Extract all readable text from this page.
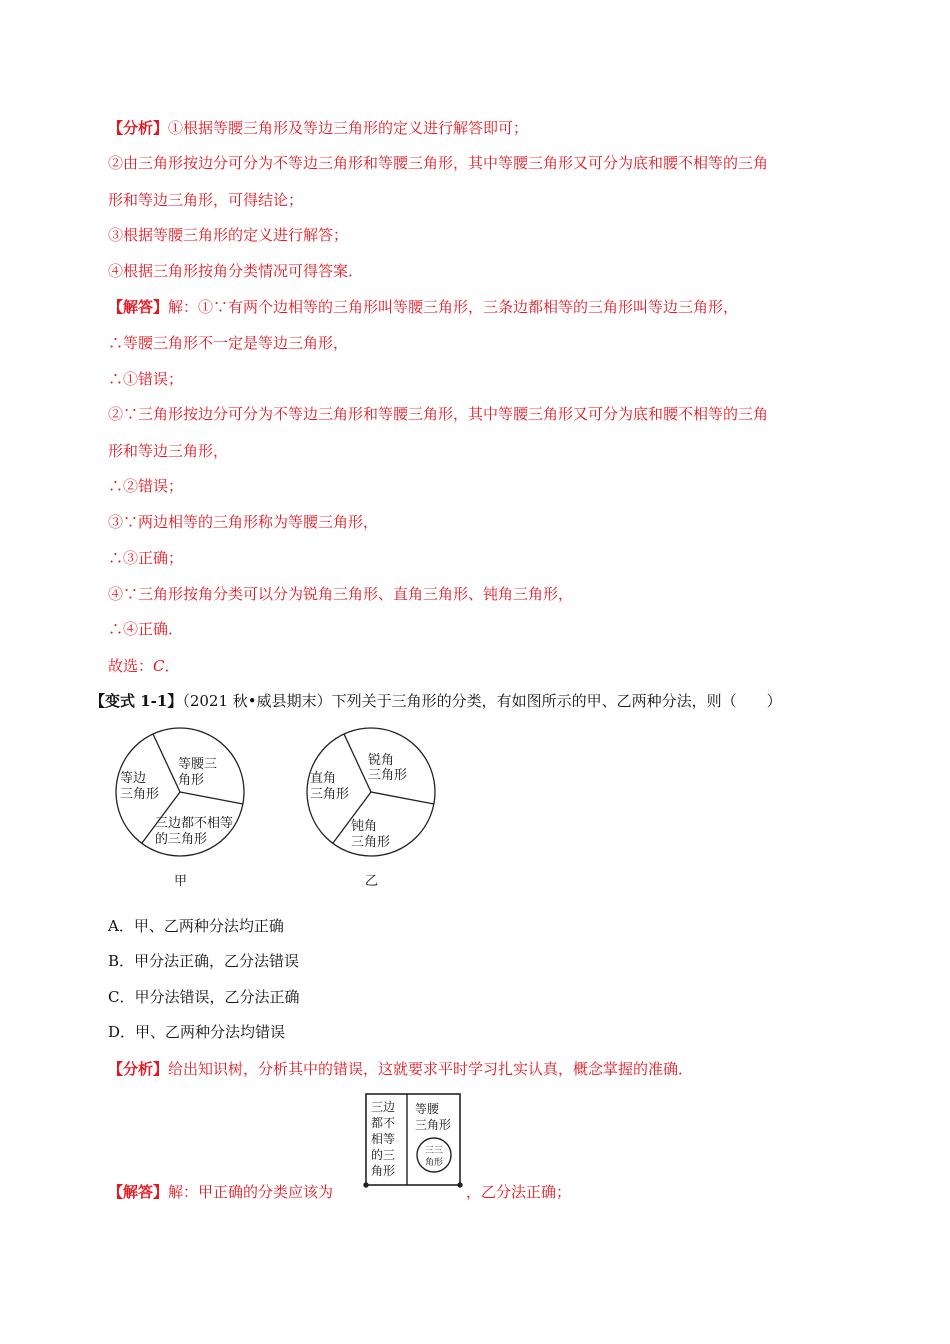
【分析】①根据等腰三角形及等边三角形的定义进行解答即可；
②由三角形按边分可分为不等边三角形和等腰三角形，其中等腰三角形又可分为底和腰不相等的三角
形和等边三角形，可得结论；
③根据等腰三角形的定义进行解答；
④根据三角形按角分类情况可得答案．
【解答】解：①∵有两个边相等的三角形叫等腰三角形，三条边都相等的三角形叫等边三角形，
∴等腰三角形不一定是等边三角形，
∴①错误；
②∵三角形按边分可分为不等边三角形和等腰三角形，其中等腰三角形又可分为底和腰不相等的三角
形和等边三角形，
∴②错误；
③∵两边相等的三角形称为等腰三角形，
∴③正确；
④∵三角形按角分类可以分为锐角三角形、直角三角形、钝角三角形，
∴④正确．
故选：C．
【变式 1-1】（2021 秋•威县期末）下列关于三角形的分类，有如图所示的甲、乙两种分法，则（　　）
等腰三
角形
等边
三角形
三边都不相等
的三角形
甲
锐角
三角形
直角
三角形
钝角
三角形
乙
A．甲、乙两种分法均正确
B．甲分法正确，乙分法错误
C．甲分法错误，乙分法正确
D．甲、乙两种分法均错误
【分析】给出知识树，分析其中的错误，这就要求平时学习扎实认真，概念掌握的准确．
三边
都不
相等
的三
角形
等腰
三角形
三三
角形
【解答】解：甲正确的分类应该为	，乙分法正确；
